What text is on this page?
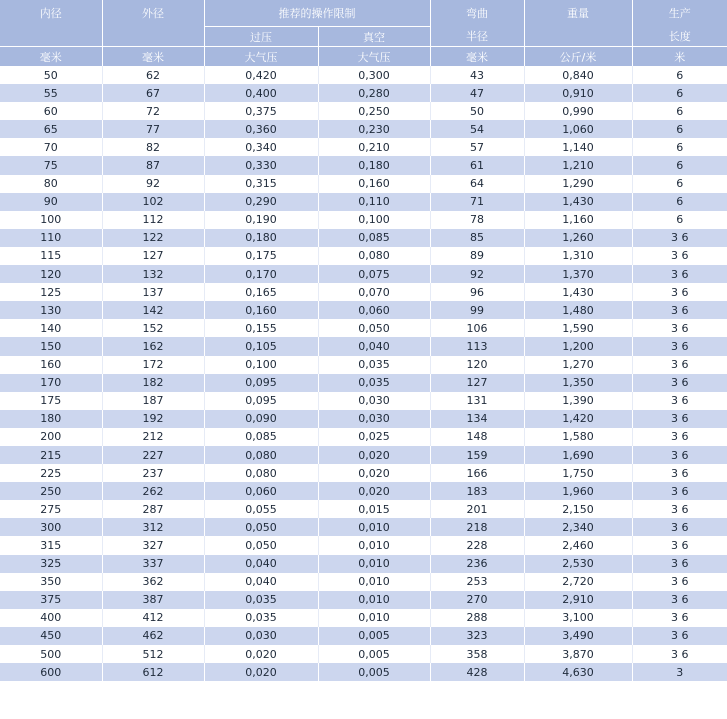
内径	外径	推荐的操作限制		弯曲	重量	生产
		过压	真空	半径		长度
毫米	毫米	大气压	大气压	毫米	公斤/米	米
50	62	0,420	0,300	43	0,840	6
55	67	0,400	0,280	47	0,910	6
60	72	0,375	0,250	50	0,990	6
65	77	0,360	0,230	54	1,060	6
70	82	0,340	0,210	57	1,140	6
75	87	0,330	0,180	61	1,210	6
80	92	0,315	0,160	64	1,290	6
90	102	0,290	0,110	71	1,430	6
100	112	0,190	0,100	78	1,160	6
110	122	0,180	0,085	85	1,260	3 6
115	127	0,175	0,080	89	1,310	3 6
120	132	0,170	0,075	92	1,370	3 6
125	137	0,165	0,070	96	1,430	3 6
130	142	0,160	0,060	99	1,480	3 6
140	152	0,155	0,050	106	1,590	3 6
150	162	0,105	0,040	113	1,200	3 6
160	172	0,100	0,035	120	1,270	3 6
170	182	0,095	0,035	127	1,350	3 6
175	187	0,095	0,030	131	1,390	3 6
180	192	0,090	0,030	134	1,420	3 6
200	212	0,085	0,025	148	1,580	3 6
215	227	0,080	0,020	159	1,690	3 6
225	237	0,080	0,020	166	1,750	3 6
250	262	0,060	0,020	183	1,960	3 6
275	287	0,055	0,015	201	2,150	3 6
300	312	0,050	0,010	218	2,340	3 6
315	327	0,050	0,010	228	2,460	3 6
325	337	0,040	0,010	236	2,530	3 6
350	362	0,040	0,010	253	2,720	3 6
375	387	0,035	0,010	270	2,910	3 6
400	412	0,035	0,010	288	3,100	3 6
450	462	0,030	0,005	323	3,490	3 6
500	512	0,020	0,005	358	3,870	3 6
600	612	0,020	0,005	428	4,630	3
